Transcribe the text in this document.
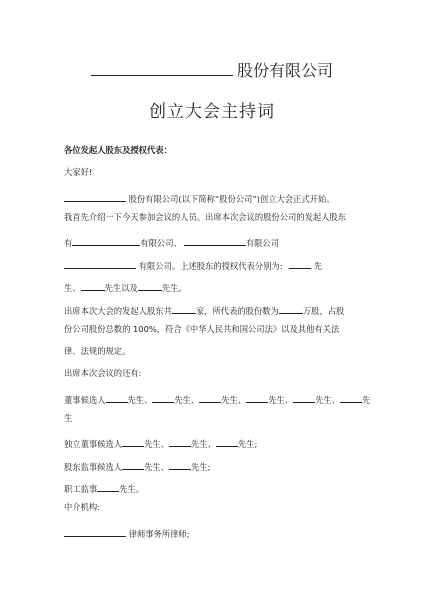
股份有限公司
创立大会主持词
各位发起人股东及授权代表：
大家好!
股份有限公司(以下简称“股份公司”)创立大会正式开始。
我首先介绍一下今天参加会议的人员。出席本次会议的股份公司的发起人股东
有	有限公司、	有限公司
有限公司。上述股东的授权代表分别为:	先
生、	先生以及	先生。
出席本次大会的发起人股东共	家，所代表的股份数为	万股，占股
份公司股份总数的 100%，符合《中华人民共和国公司法》以及其他有关法
律、法规的规定。
出席本次会议的还有:
董事候选人	先生、	先生、	先生、	先生、	先生、	先
生
独立董事候选人	先生、	先生、	先生;
股东监事候选人	先生、	先生;
职工监事	先生。
中介机构:
律师事务所律师;
